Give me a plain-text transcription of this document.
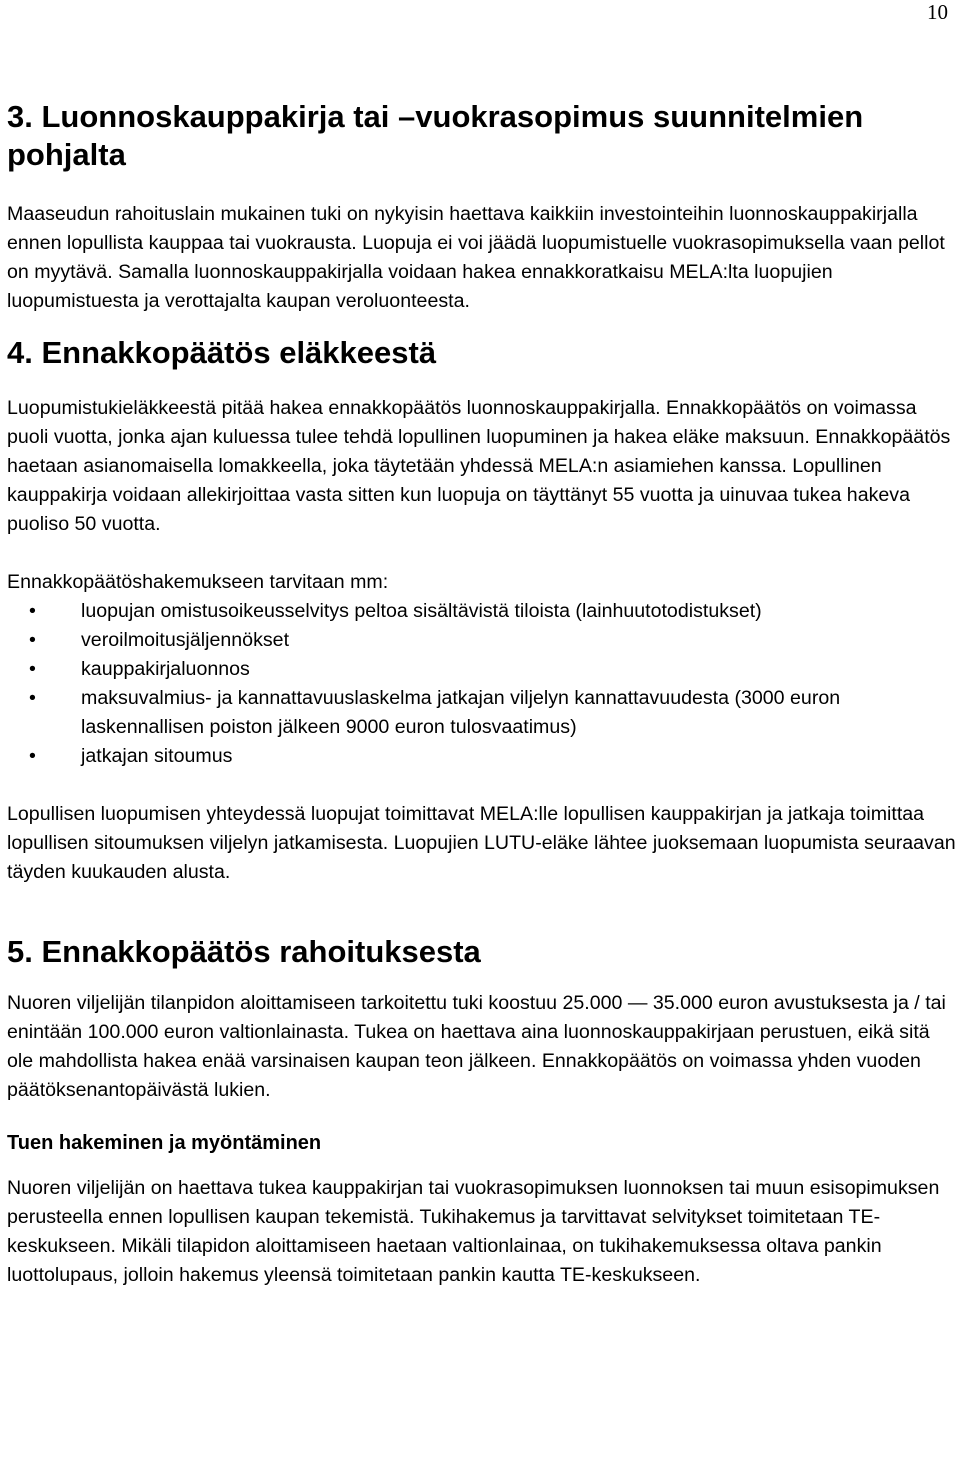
10
3. Luonnoskauppakirja tai –vuokrasopimus suunnitelmien pohjalta

Maaseudun rahoituslain mukainen tuki on nykyisin haettava kaikkiin investointeihin luonnoskauppakirjalla ennen lopullista kauppaa tai vuokrausta. Luopuja ei voi jäädä luopumistuelle vuokrasopimuksella vaan pellot on myytävä. Samalla luonnoskauppakirjalla voidaan hakea ennakkoratkaisu MELA:lta luopujien luopumistuesta ja verottajalta kaupan veroluonteesta.

4. Ennakkopäätös eläkkeestä

Luopumistukieläkkeestä pitää hakea ennakkopäätös luonnoskauppakirjalla. Ennakkopäätös on voimassa puoli vuotta, jonka ajan kuluessa tulee tehdä lopullinen luopuminen ja hakea eläke maksuun. Ennakkopäätös haetaan asianomaisella lomakkeella, joka täytetään yhdessä MELA:n asiamiehen kanssa. Lopullinen kauppakirja voidaan allekirjoittaa vasta sitten kun luopuja on täyttänyt 55 vuotta ja uinuvaa tukea hakeva puoliso 50 vuotta.

Ennakkopäätöshakemukseen tarvitaan mm:

• luopujan omistusoikeusselvitys peltoa sisältävistä tiloista (lainhuutotodistukset)
• veroilmoitusjäljennökset
• kauppakirjaluonnos
• maksuvalmius- ja kannattavuuslaskelma jatkajan viljelyn kannattavuudesta (3000 euron laskennallisen poiston jälkeen 9000 euron tulosvaatimus)
• jatkajan sitoumus

Lopullisen luopumisen yhteydessä luopujat toimittavat MELA:lle lopullisen kauppakirjan ja jatkaja toimittaa lopullisen sitoumuksen viljelyn jatkamisesta. Luopujien LUTU-eläke lähtee juoksemaan luopumista seuraavan täyden kuukauden alusta.

5. Ennakkopäätös rahoituksesta

Nuoren viljelijän tilanpidon aloittamiseen tarkoitettu tuki koostuu 25.000 — 35.000 euron avustuksesta ja / tai enintään 100.000 euron valtionlainasta. Tukea on haettava aina luonnoskauppakirjaan perustuen, eikä sitä ole mahdollista hakea enää varsinaisen kaupan teon jälkeen. Ennakkopäätös on voimassa yhden vuoden päätöksenantopäivästä lukien.

Tuen hakeminen ja myöntäminen

Nuoren viljelijän on haettava tukea kauppakirjan tai vuokrasopimuksen luonnoksen tai muun esisopimuksen perusteella ennen lopullisen kaupan tekemistä. Tukihakemus ja tarvittavat selvitykset toimitetaan TE-keskukseen. Mikäli tilapidon aloittamiseen haetaan valtionlainaa, on tukihakemuksessa oltava pankin luottolupaus, jolloin hakemus yleensä toimitetaan pankin kautta TE-keskukseen.
